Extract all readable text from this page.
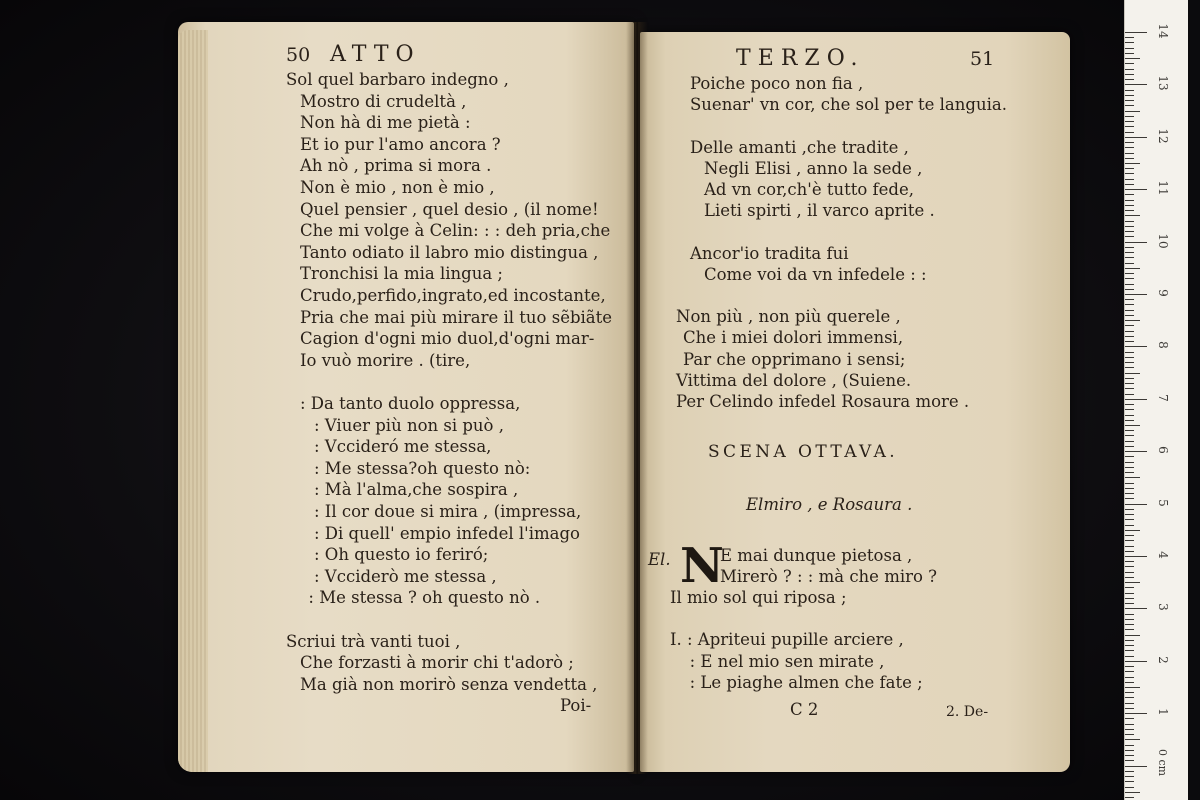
50 ATTO
Sol quel barbaro indegno ,
Mostro di crudeltà ,
Non hà di me pietà :
Et io pur l'amo ancora ?
Ah nò , prima si mora .
Non è mio , non è mio ,
Quel pensier , quel desio , (il nome!
Che mi volge à Celin: : : deh pria,che
Tanto odiato il labro mio distingua ,
Tronchisi la mia lingua ;
Crudo,perfido,ingrato,ed incostante,
Pria che mai più mirare il tuo sẽbiãte
Cagion d'ogni mio duol,d'ogni mar-
Io vuò morire . (tire,
: Da tanto duolo oppressa,
: Viuer più non si può ,
: Vccideró me stessa,
: Me stessa?oh questo nò:
: Mà l'alma,che sospira ,
: Il cor doue si mira , (impressa,
: Di quell' empio infedel l'imago
: Oh questo io feriró;
: Vcciderò me stessa ,
: Me stessa ? oh questo nò .
Scriui trà vanti tuoi ,
Che forzasti à morir chi t'adorò ;
Ma già non morirò senza vendetta ,
Poi-
TERZO.	51
Poiche poco non fia ,
Suenar' vn cor, che sol per te languia.
Delle amanti ,che tradite ,
Negli Elisi , anno la sede ,
Ad vn cor,ch'è tutto fede,
Lieti spirti , il varco aprite .
Ancor'io tradita fui
Come voi da vn infedele : :
Non più , non più querele ,
Che i miei dolori immensi,
Par che opprimano i sensi;
Vittima del dolore , (Suiene.
Per Celindo infedel Rosaura more .
SCENA OTTAVA.
Elmiro , e Rosaura .
El. N
E mai dunque pietosa ,
Mirerò ? : : mà che miro ?
Il mio sol qui riposa ;
I. : Apriteui pupille arciere ,
: E nel mio sen mirate ,
: Le piaghe almen che fate ;
C 2	2. De-
0 cm
14
13
12
11
10
9
8
7
6
5
4
3
2
1
